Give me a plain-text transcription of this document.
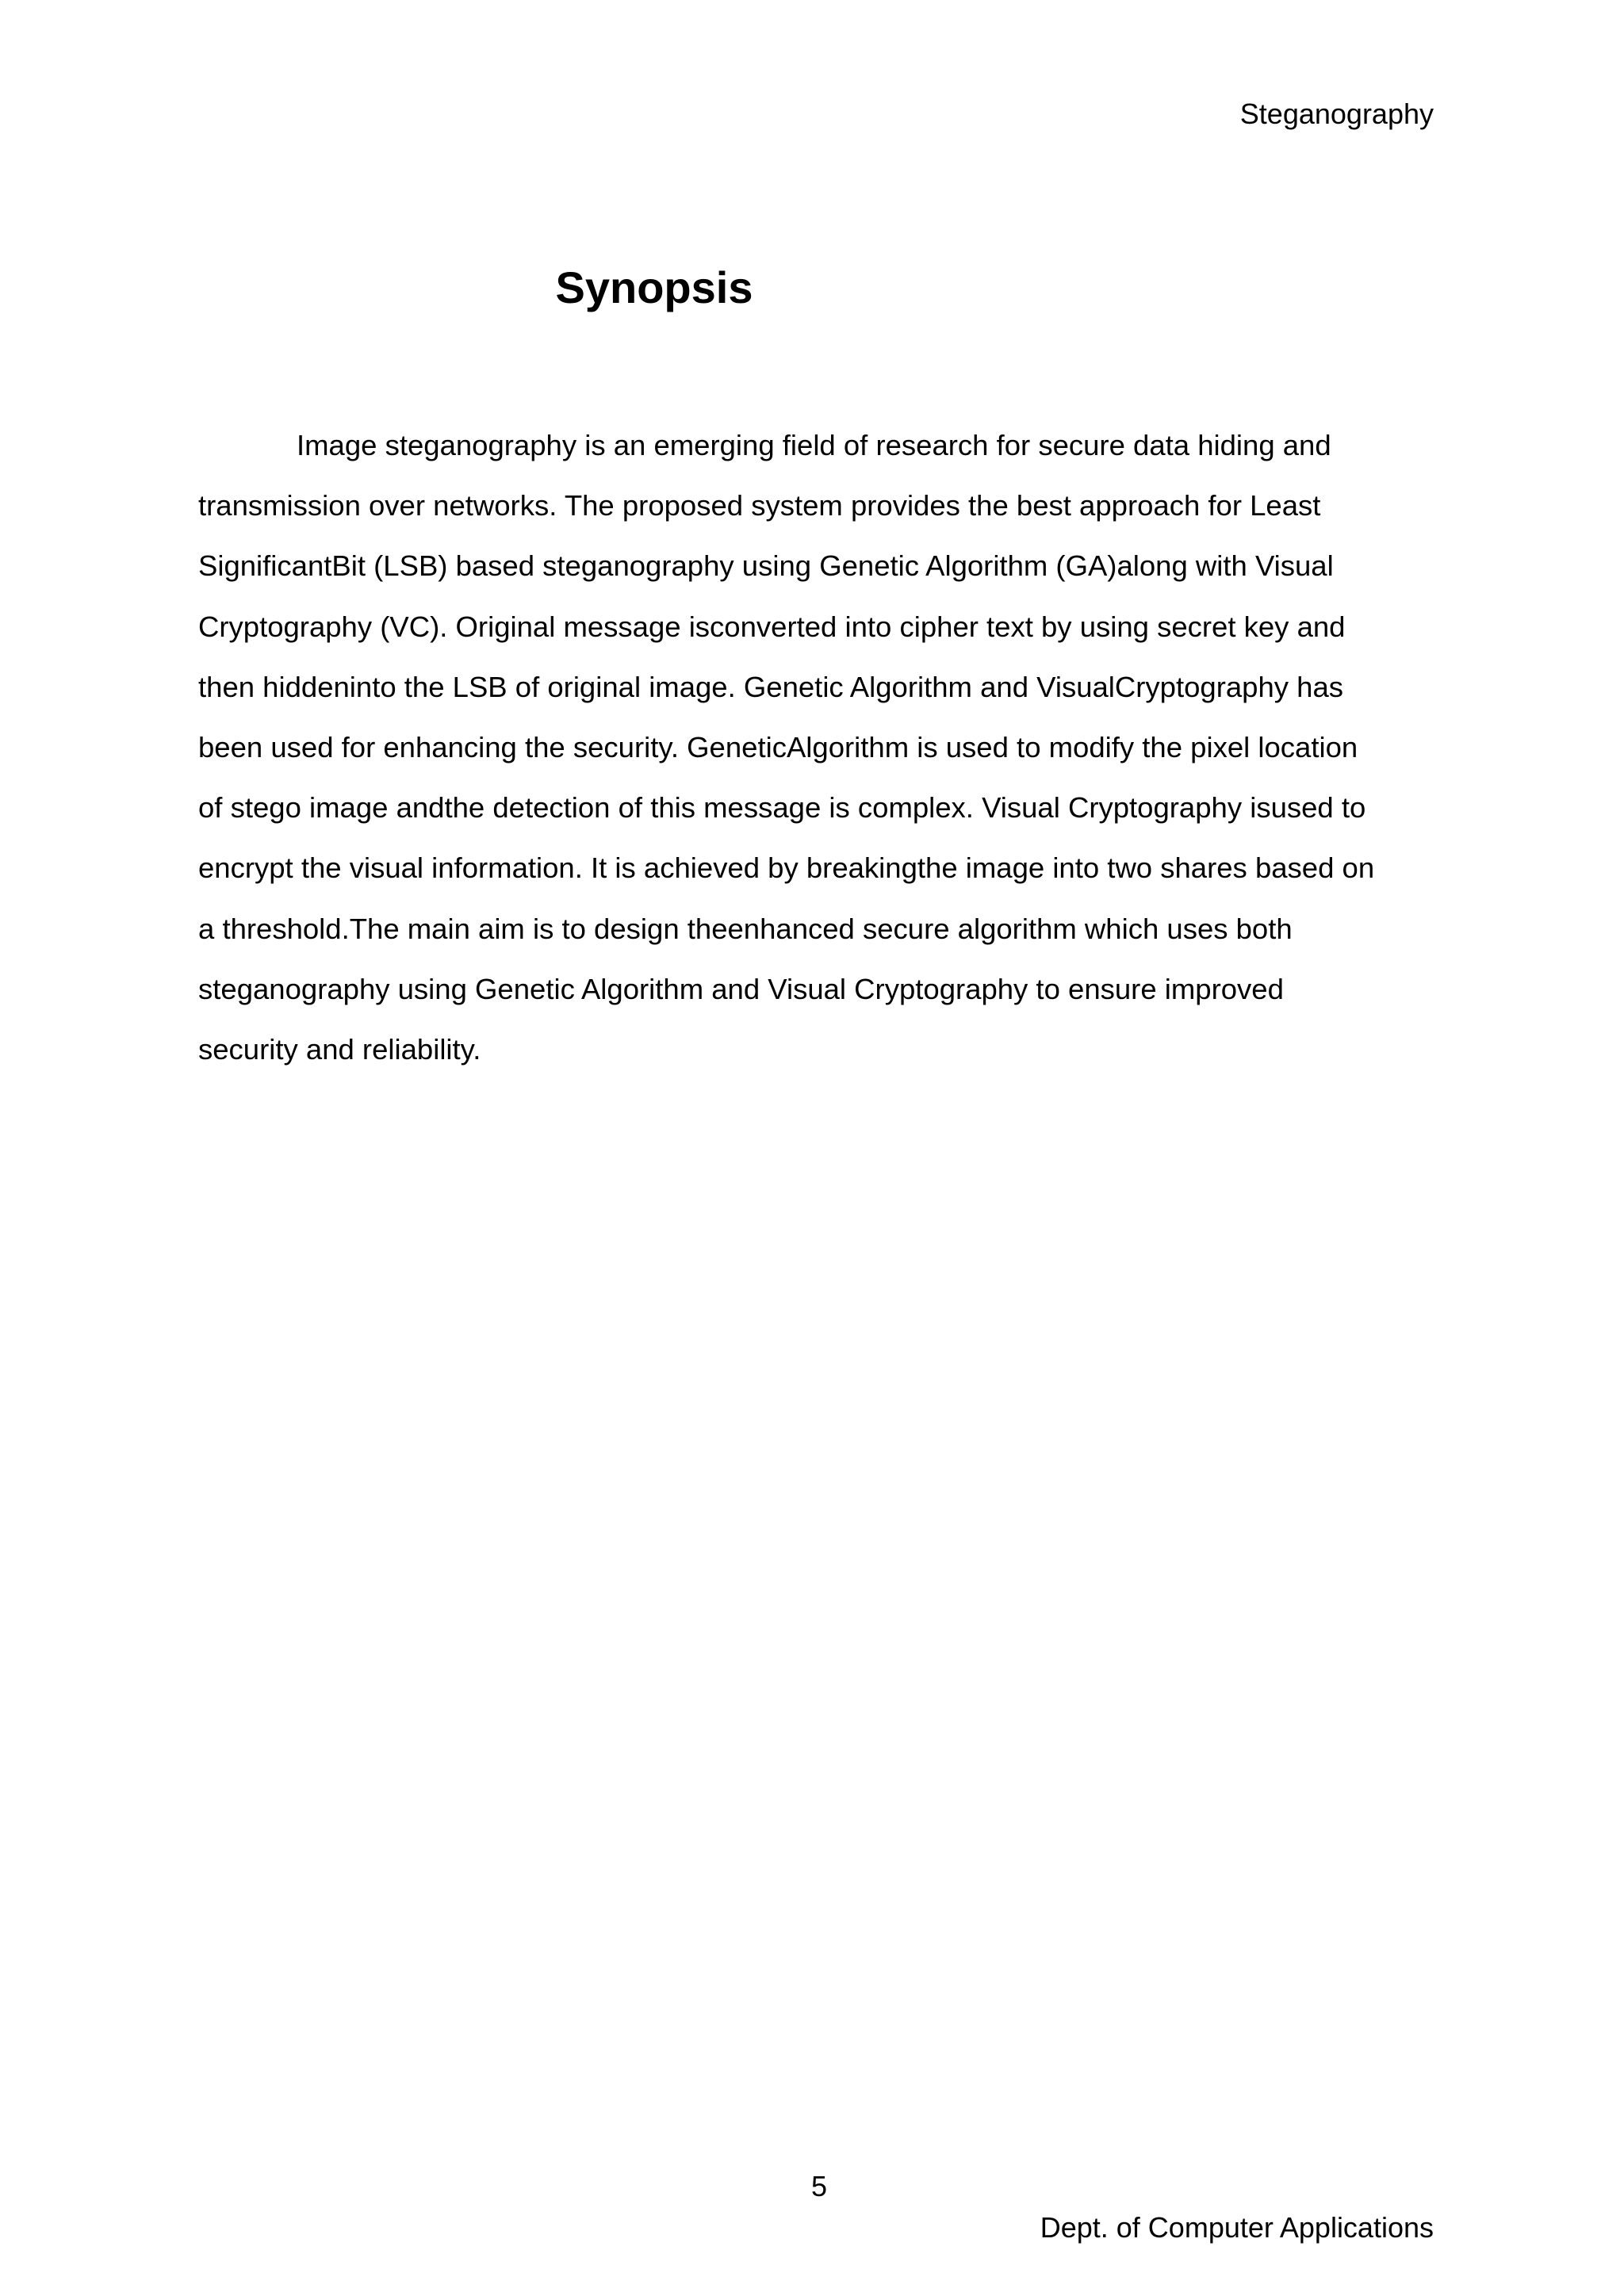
Steganography
Synopsis

Image steganography is an emerging field of research for secure data hiding and
transmission over networks. The proposed system provides the best approach for Least
SignificantBit (LSB) based steganography using Genetic Algorithm (GA)along with Visual
Cryptography (VC). Original message isconverted into cipher text by using secret key and
then hiddeninto the LSB of original image. Genetic Algorithm and VisualCryptography has
been used for enhancing the security. GeneticAlgorithm is used to modify the pixel location
of stego image andthe detection of this message is complex. Visual Cryptography isused to
encrypt the visual information. It is achieved by breakingthe image into two shares based on
a threshold.The main aim is to design theenhanced secure algorithm which uses both
steganography using Genetic Algorithm and Visual Cryptography to ensure improved
security and reliability.

5
Dept. of Computer Applications
